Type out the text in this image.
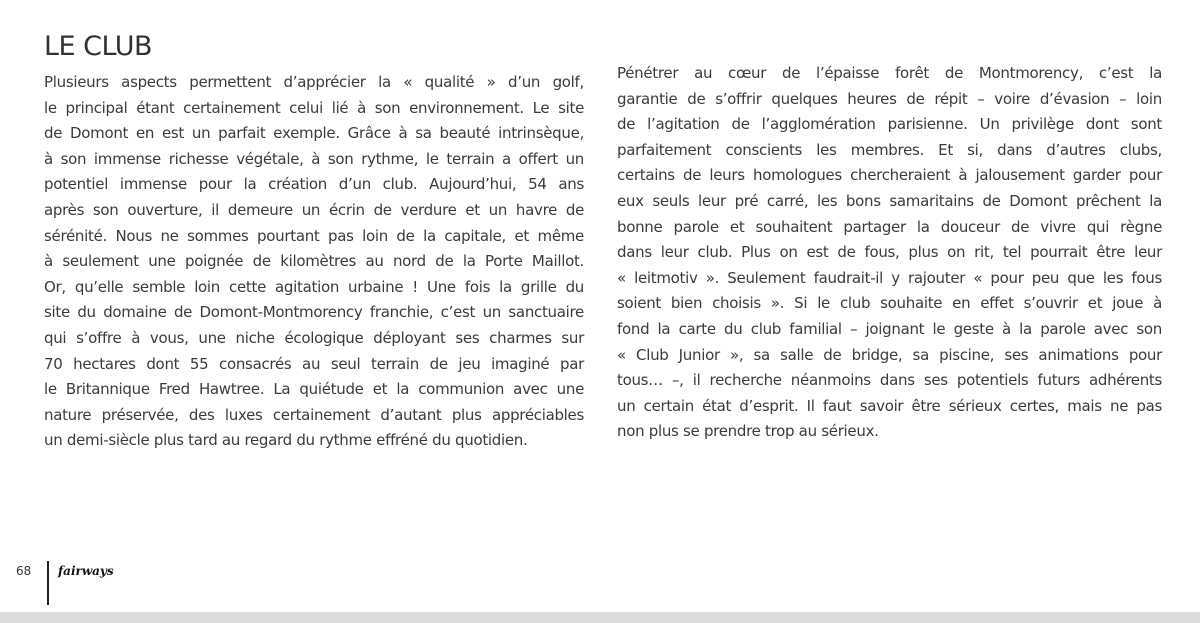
LE CLUB
Plusieurs aspects permettent d’apprécier la « qualité » d’un golf,
le principal étant certainement celui lié à son environnement. Le site
de Domont en est un parfait exemple. Grâce à sa beauté intrinsèque,
à son immense richesse végétale, à son rythme, le terrain a offert un
potentiel immense pour la création d’un club. Aujourd’hui, 54 ans
après son ouverture, il demeure un écrin de verdure et un havre de
sérénité. Nous ne sommes pourtant pas loin de la capitale, et même
à seulement une poignée de kilomètres au nord de la Porte Maillot.
Or, qu’elle semble loin cette agitation urbaine ! Une fois la grille du
site du domaine de Domont-Montmorency franchie, c’est un sanctuaire
qui s’offre à vous, une niche écologique déployant ses charmes sur
70 hectares dont 55 consacrés au seul terrain de jeu imaginé par
le Britannique Fred Hawtree. La quiétude et la communion avec une
nature préservée, des luxes certainement d’autant plus appréciables
un demi-siècle plus tard au regard du rythme effréné du quotidien.
Pénétrer au cœur de l’épaisse forêt de Montmorency, c’est la
garantie de s’offrir quelques heures de répit – voire d’évasion – loin
de l’agitation de l’agglomération parisienne. Un privilège dont sont
parfaitement conscients les membres. Et si, dans d’autres clubs,
certains de leurs homologues chercheraient à jalousement garder pour
eux seuls leur pré carré, les bons samaritains de Domont prêchent la
bonne parole et souhaitent partager la douceur de vivre qui règne
dans leur club. Plus on est de fous, plus on rit, tel pourrait être leur
« leitmotiv ». Seulement faudrait-il y rajouter « pour peu que les fous
soient bien choisis ». Si le club souhaite en effet s’ouvrir et joue à
fond la carte du club familial – joignant le geste à la parole avec son
« Club Junior », sa salle de bridge, sa piscine, ses animations pour
tous… –, il recherche néanmoins dans ses potentiels futurs adhérents
un certain état d’esprit. Il faut savoir être sérieux certes, mais ne pas
non plus se prendre trop au sérieux.
68 fairways
